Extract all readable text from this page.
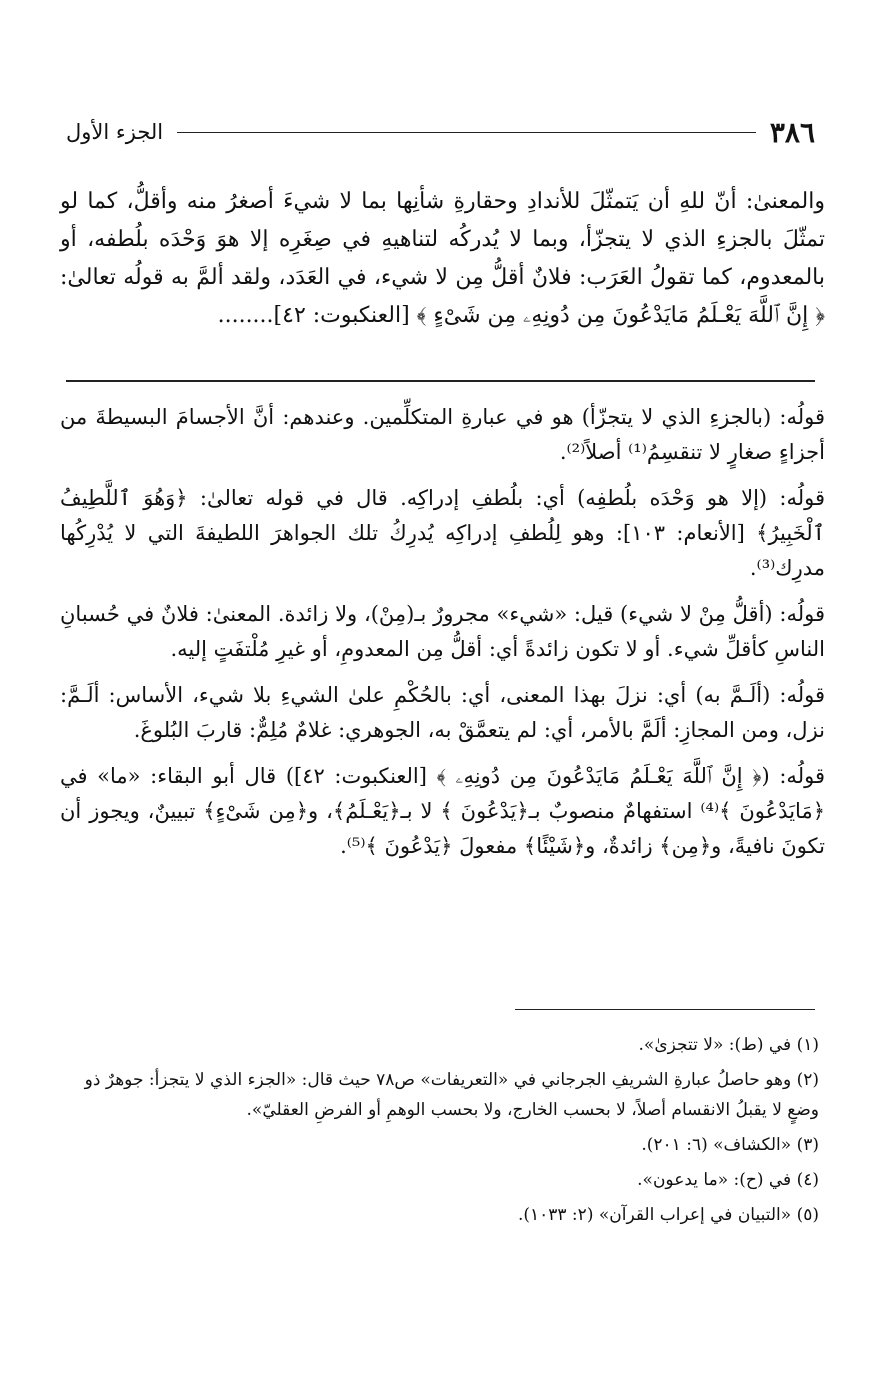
٣٨٦
الجزء الأول

والمعنىٰ: أنّ للهِ أن يَتمثّلَ للأندادِ وحقارةِ شأنِها بما لا شيءَ أصغرُ منه وأقلُّ، كما لو تمثّلَ بالجزءِ الذي لا يتجزّأ، وبما لا يُدركُه لتناهيهِ في صِغَرِه إلا هوَ وَحْدَه بلُطفه، أو بالمعدوم، كما تقولُ العَرَب: فلانٌ أقلُّ مِن لا شيء، في العَدَد، ولقد ألمَّ به قولُه تعالىٰ: ﴿ إِنَّ ٱللَّهَ يَعْـلَمُ مَايَدْعُونَ مِن دُونِهِۦ مِن شَىْءٍ ﴾ [العنكبوت: ٤٢]........

قولُه: (بالجزءِ الذي لا يتجزّأ) هو في عبارةِ المتكلِّمين. وعندهم: أنَّ الأجسامَ البسيطةَ من أجزاءٍ صغارٍ لا تنقسِمُ⁽¹⁾ أصلاً⁽²⁾.

قولُه: (إلا هو وَحْدَه بلُطفِه) أي: بلُطفِ إدراكِه. قال في قوله تعالىٰ: ﴿وَهُوَ ٱللَّطِيفُ ٱلْخَبِيرُ﴾ [الأنعام: ١٠٣]: وهو لِلُطفِ إدراكِه يُدرِكُ تلك الجواهرَ اللطيفةَ التي لا يُدْرِكُها مدرِك⁽³⁾.

قولُه: (أقلُّ مِنْ لا شيء) قيل: «شيء» مجرورٌ بـ(مِنْ)، ولا زائدة. المعنىٰ: فلانٌ في حُسبانِ الناسِ كأقلِّ شيء. أو لا تكون زائدةً أي: أقلُّ مِن المعدومِ، أو غيرِ مُلْتفَتٍ إليه.

قولُه: (ألَـمَّ به) أي: نزلَ بهذا المعنى، أي: بالحُكْمِ علىٰ الشيءِ بلا شيء، الأساس: ألَـمَّ: نزل، ومن المجازِ: ألَمَّ بالأمر، أي: لم يتعمَّقْ به، الجوهري: غلامٌ مُلِمٌّ: قاربَ البُلوغَ.

قولُه: (﴿ إِنَّ ٱللَّهَ يَعْـلَمُ مَايَدْعُونَ مِن دُونِهِۦ ﴾ [العنكبوت: ٤٢]) قال أبو البقاء: «ما» في ﴿مَايَدْعُونَ ﴾⁽⁴⁾ استفهامٌ منصوبٌ بـ﴿يَدْعُونَ ﴾ لا بـ﴿يَعْـلَمُ﴾، و﴿مِن شَىْءٍ﴾ تبيينٌ، ويجوز أن تكونَ نافيةً، و﴿مِن﴾ زائدةٌ، و﴿شَيْئًا﴾ مفعولَ ﴿يَدْعُونَ ﴾⁽⁵⁾.

(١) في (ط): «لا تتجزىٰ».

(٢) وهو حاصلُ عبارةِ الشريفِ الجرجاني في «التعريفات» ص٧٨ حيث قال: «الجزء الذي لا يتجزأ: جوهرٌ ذو وضعٍ لا يقبلُ الانقسام أصلاً، لا بحسب الخارج، ولا بحسب الوهمِ أو الفرضِ العقليّ».

(٣) «الكشاف» (٦: ٢٠١).

(٤) في (ح): «ما يدعون».

(٥) «التبيان في إعراب القرآن» (٢: ١٠٣٣).
